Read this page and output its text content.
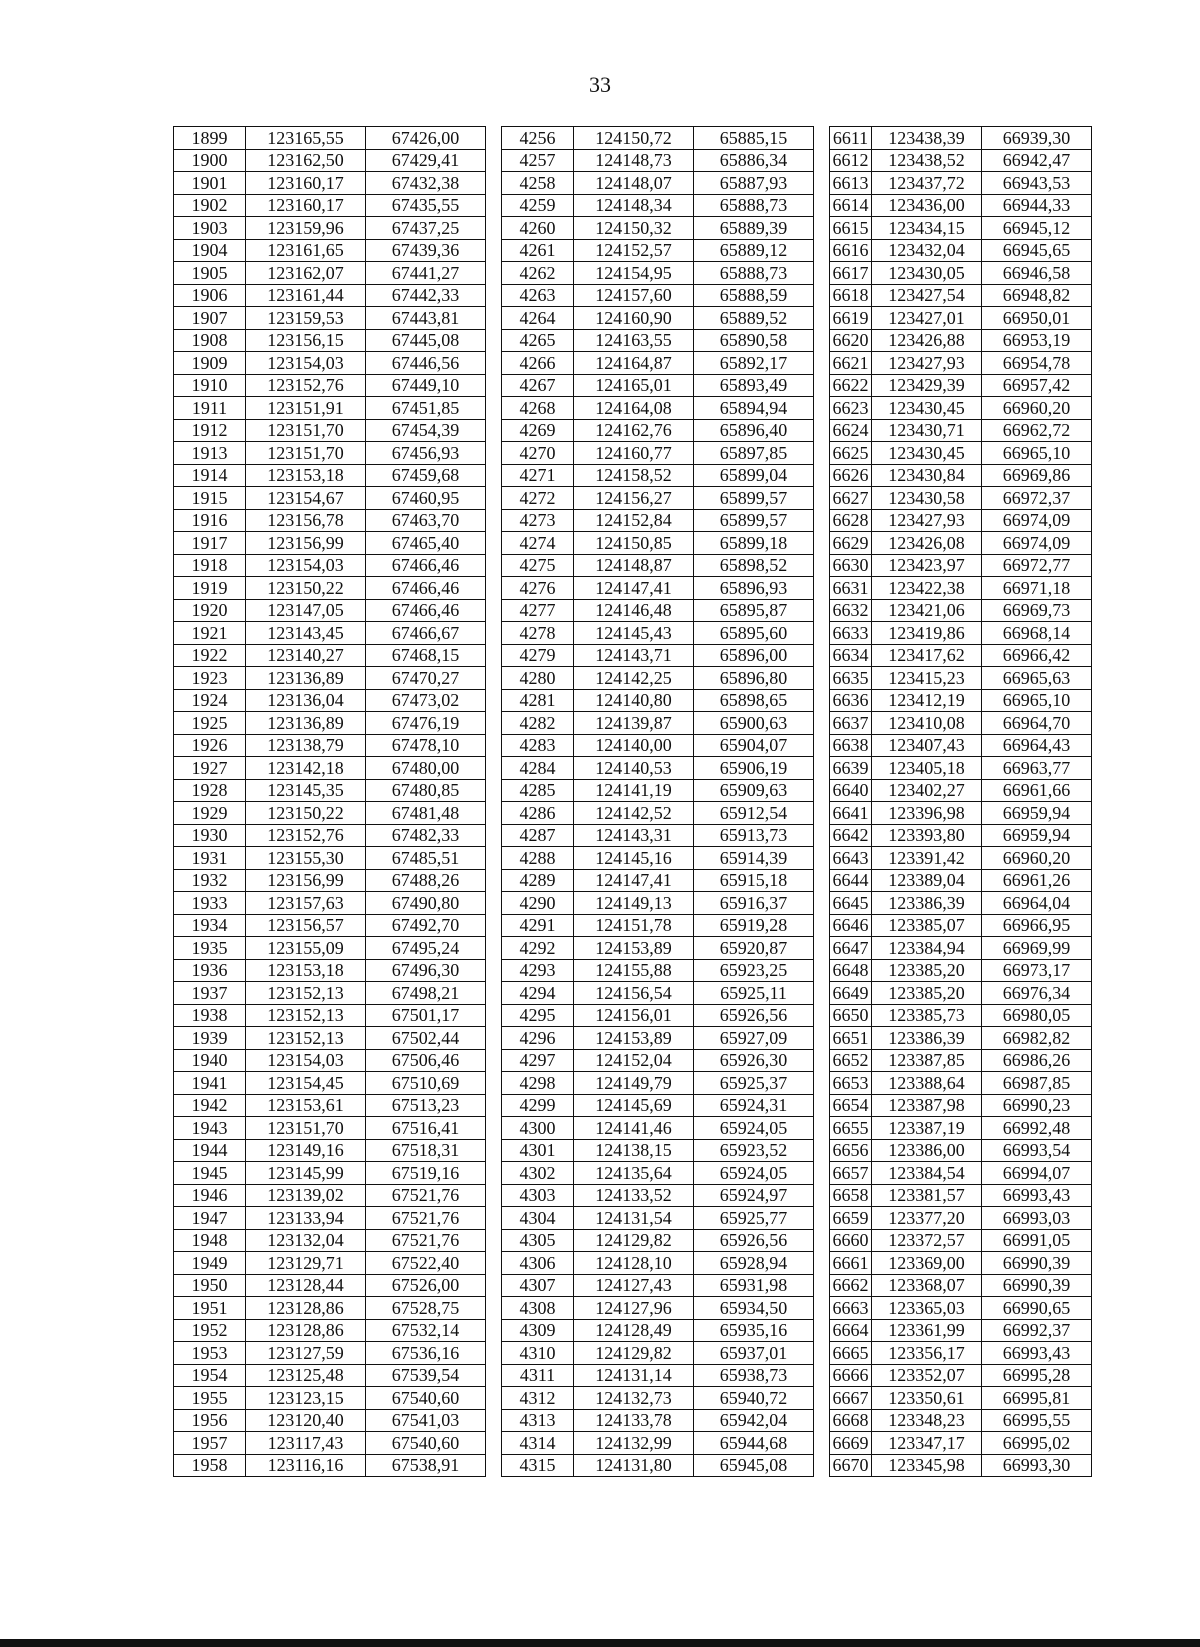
33
1899	123165,55	67426,00		4256	124150,72	65885,15		6611	123438,39	66939,30
1900	123162,50	67429,41		4257	124148,73	65886,34		6612	123438,52	66942,47
1901	123160,17	67432,38		4258	124148,07	65887,93		6613	123437,72	66943,53
1902	123160,17	67435,55		4259	124148,34	65888,73		6614	123436,00	66944,33
1903	123159,96	67437,25		4260	124150,32	65889,39		6615	123434,15	66945,12
1904	123161,65	67439,36		4261	124152,57	65889,12		6616	123432,04	66945,65
1905	123162,07	67441,27		4262	124154,95	65888,73		6617	123430,05	66946,58
1906	123161,44	67442,33		4263	124157,60	65888,59		6618	123427,54	66948,82
1907	123159,53	67443,81		4264	124160,90	65889,52		6619	123427,01	66950,01
1908	123156,15	67445,08		4265	124163,55	65890,58		6620	123426,88	66953,19
1909	123154,03	67446,56		4266	124164,87	65892,17		6621	123427,93	66954,78
1910	123152,76	67449,10		4267	124165,01	65893,49		6622	123429,39	66957,42
1911	123151,91	67451,85		4268	124164,08	65894,94		6623	123430,45	66960,20
1912	123151,70	67454,39		4269	124162,76	65896,40		6624	123430,71	66962,72
1913	123151,70	67456,93		4270	124160,77	65897,85		6625	123430,45	66965,10
1914	123153,18	67459,68		4271	124158,52	65899,04		6626	123430,84	66969,86
1915	123154,67	67460,95		4272	124156,27	65899,57		6627	123430,58	66972,37
1916	123156,78	67463,70		4273	124152,84	65899,57		6628	123427,93	66974,09
1917	123156,99	67465,40		4274	124150,85	65899,18		6629	123426,08	66974,09
1918	123154,03	67466,46		4275	124148,87	65898,52		6630	123423,97	66972,77
1919	123150,22	67466,46		4276	124147,41	65896,93		6631	123422,38	66971,18
1920	123147,05	67466,46		4277	124146,48	65895,87		6632	123421,06	66969,73
1921	123143,45	67466,67		4278	124145,43	65895,60		6633	123419,86	66968,14
1922	123140,27	67468,15		4279	124143,71	65896,00		6634	123417,62	66966,42
1923	123136,89	67470,27		4280	124142,25	65896,80		6635	123415,23	66965,63
1924	123136,04	67473,02		4281	124140,80	65898,65		6636	123412,19	66965,10
1925	123136,89	67476,19		4282	124139,87	65900,63		6637	123410,08	66964,70
1926	123138,79	67478,10		4283	124140,00	65904,07		6638	123407,43	66964,43
1927	123142,18	67480,00		4284	124140,53	65906,19		6639	123405,18	66963,77
1928	123145,35	67480,85		4285	124141,19	65909,63		6640	123402,27	66961,66
1929	123150,22	67481,48		4286	124142,52	65912,54		6641	123396,98	66959,94
1930	123152,76	67482,33		4287	124143,31	65913,73		6642	123393,80	66959,94
1931	123155,30	67485,51		4288	124145,16	65914,39		6643	123391,42	66960,20
1932	123156,99	67488,26		4289	124147,41	65915,18		6644	123389,04	66961,26
1933	123157,63	67490,80		4290	124149,13	65916,37		6645	123386,39	66964,04
1934	123156,57	67492,70		4291	124151,78	65919,28		6646	123385,07	66966,95
1935	123155,09	67495,24		4292	124153,89	65920,87		6647	123384,94	66969,99
1936	123153,18	67496,30		4293	124155,88	65923,25		6648	123385,20	66973,17
1937	123152,13	67498,21		4294	124156,54	65925,11		6649	123385,20	66976,34
1938	123152,13	67501,17		4295	124156,01	65926,56		6650	123385,73	66980,05
1939	123152,13	67502,44		4296	124153,89	65927,09		6651	123386,39	66982,82
1940	123154,03	67506,46		4297	124152,04	65926,30		6652	123387,85	66986,26
1941	123154,45	67510,69		4298	124149,79	65925,37		6653	123388,64	66987,85
1942	123153,61	67513,23		4299	124145,69	65924,31		6654	123387,98	66990,23
1943	123151,70	67516,41		4300	124141,46	65924,05		6655	123387,19	66992,48
1944	123149,16	67518,31		4301	124138,15	65923,52		6656	123386,00	66993,54
1945	123145,99	67519,16		4302	124135,64	65924,05		6657	123384,54	66994,07
1946	123139,02	67521,76		4303	124133,52	65924,97		6658	123381,57	66993,43
1947	123133,94	67521,76		4304	124131,54	65925,77		6659	123377,20	66993,03
1948	123132,04	67521,76		4305	124129,82	65926,56		6660	123372,57	66991,05
1949	123129,71	67522,40		4306	124128,10	65928,94		6661	123369,00	66990,39
1950	123128,44	67526,00		4307	124127,43	65931,98		6662	123368,07	66990,39
1951	123128,86	67528,75		4308	124127,96	65934,50		6663	123365,03	66990,65
1952	123128,86	67532,14		4309	124128,49	65935,16		6664	123361,99	66992,37
1953	123127,59	67536,16		4310	124129,82	65937,01		6665	123356,17	66993,43
1954	123125,48	67539,54		4311	124131,14	65938,73		6666	123352,07	66995,28
1955	123123,15	67540,60		4312	124132,73	65940,72		6667	123350,61	66995,81
1956	123120,40	67541,03		4313	124133,78	65942,04		6668	123348,23	66995,55
1957	123117,43	67540,60		4314	124132,99	65944,68		6669	123347,17	66995,02
1958	123116,16	67538,91		4315	124131,80	65945,08		6670	123345,98	66993,30
